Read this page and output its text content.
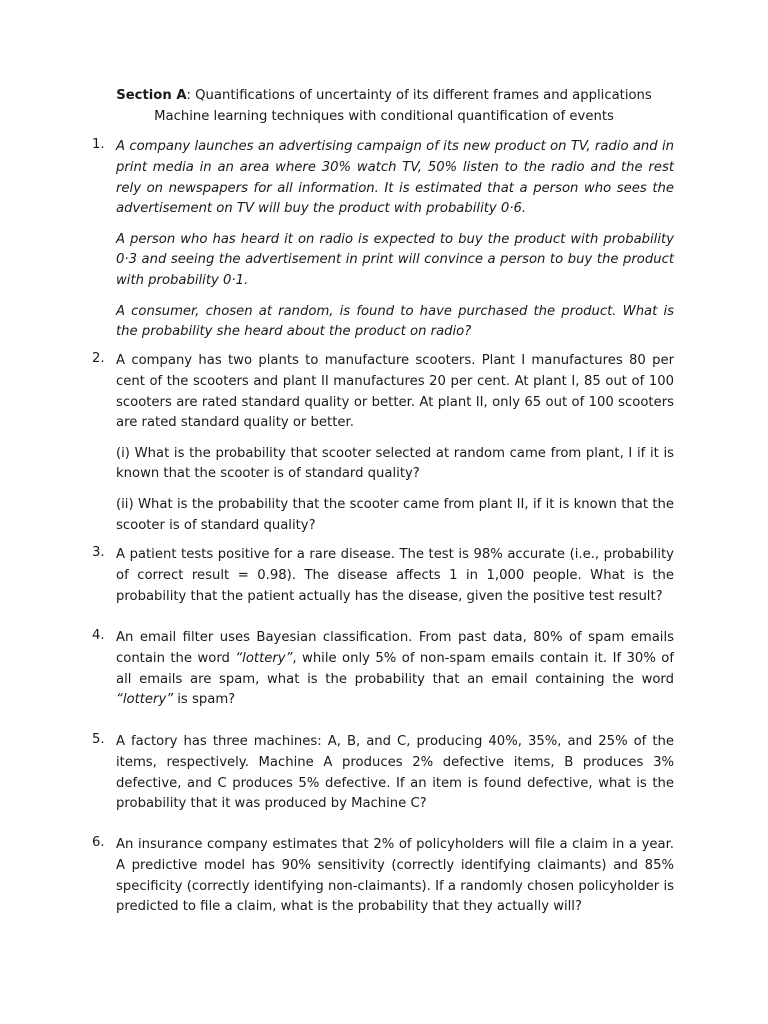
Section A: Quantifications of uncertainty of its different frames and applications
Machine learning techniques with conditional quantification of events
1. A company launches an advertising campaign of its new product on TV, radio and in print media in an area where 30% watch TV, 50% listen to the radio and the rest rely on newspapers for all information. It is estimated that a person who sees the advertisement on TV will buy the product with probability 0·6.

A person who has heard it on radio is expected to buy the product with probability 0·3 and seeing the advertisement in print will convince a person to buy the product with probability 0·1.

A consumer, chosen at random, is found to have purchased the product. What is the probability she heard about the product on radio?

2. A company has two plants to manufacture scooters. Plant I manufactures 80 per cent of the scooters and plant II manufactures 20 per cent. At plant I, 85 out of 100 scooters are rated standard quality or better. At plant II, only 65 out of 100 scooters are rated standard quality or better.

(i) What is the probability that scooter selected at random came from plant, I if it is known that the scooter is of standard quality?

(ii) What is the probability that the scooter came from plant II, if it is known that the scooter is of standard quality?

3. A patient tests positive for a rare disease. The test is 98% accurate (i.e., probability of correct result = 0.98). The disease affects 1 in 1,000 people. What is the probability that the patient actually has the disease, given the positive test result?

4. An email filter uses Bayesian classification. From past data, 80% of spam emails contain the word “lottery”, while only 5% of non-spam emails contain it. If 30% of all emails are spam, what is the probability that an email containing the word “lottery” is spam?

5. A factory has three machines: A, B, and C, producing 40%, 35%, and 25% of the items, respectively. Machine A produces 2% defective items, B produces 3% defective, and C produces 5% defective. If an item is found defective, what is the probability that it was produced by Machine C?

6. An insurance company estimates that 2% of policyholders will file a claim in a year. A predictive model has 90% sensitivity (correctly identifying claimants) and 85% specificity (correctly identifying non-claimants). If a randomly chosen policyholder is predicted to file a claim, what is the probability that they actually will?
